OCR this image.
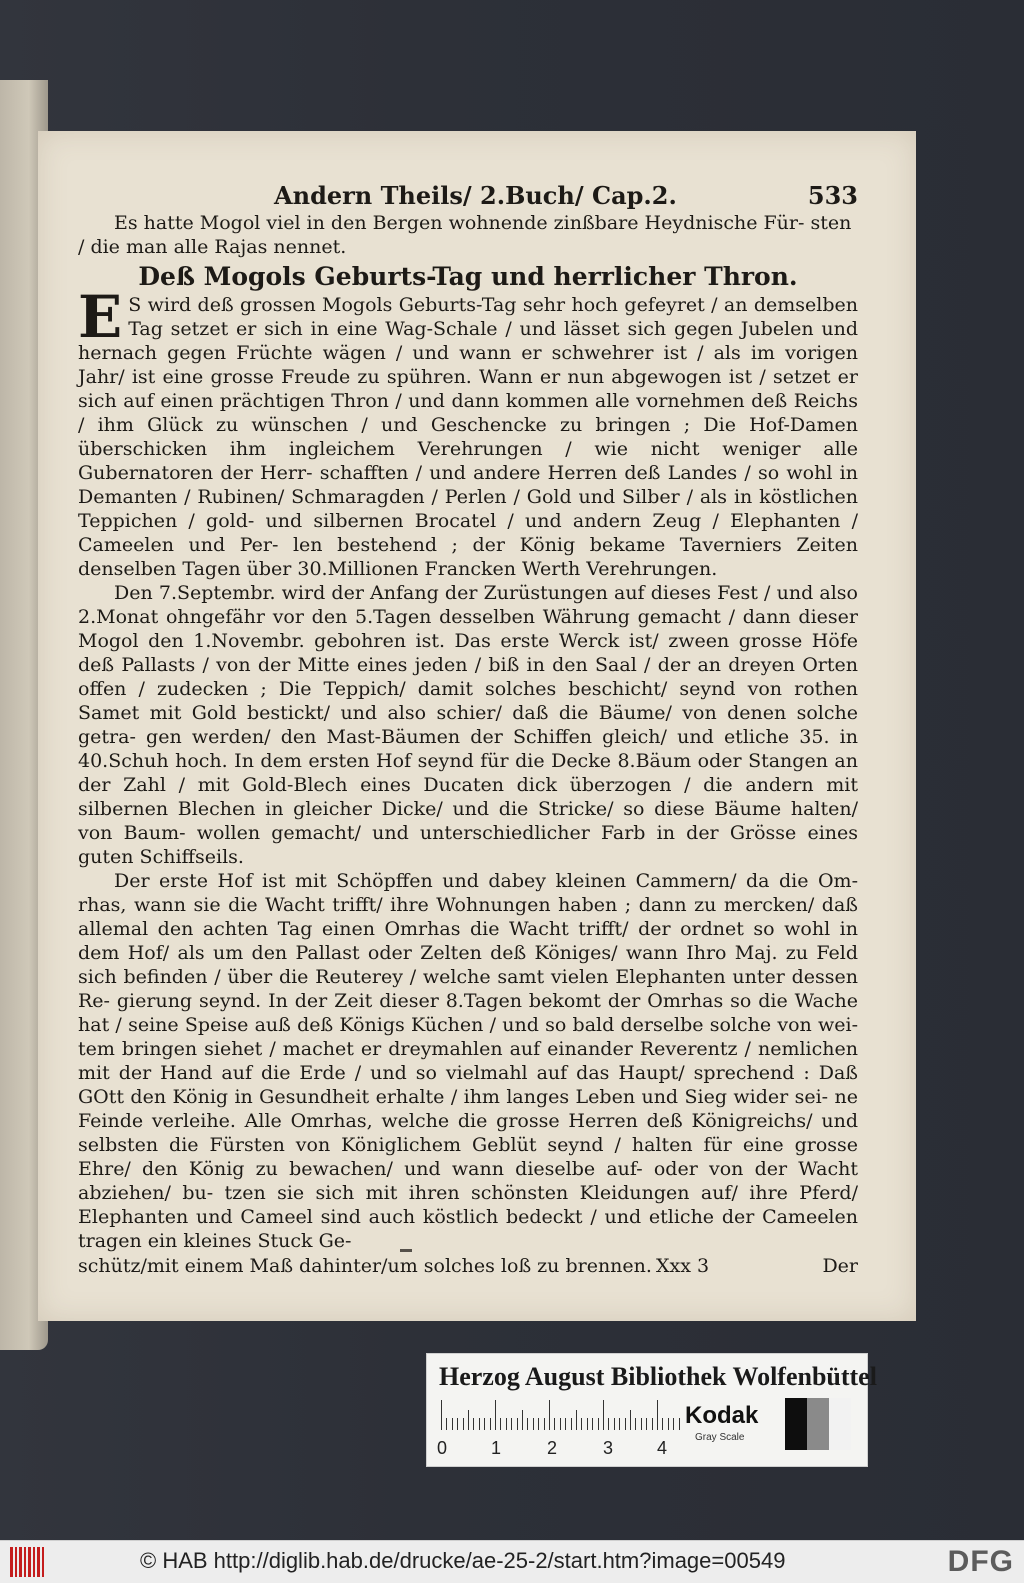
Andern Theils/ 2.Buch/ Cap.2.	533

Es hatte Mogol viel in den Bergen wohnende zinßbare Heydnische Für- sten / die man alle Rajas nennet.

Deß Mogols Geburts-Tag und herrlicher Thron.

E S wird deß grossen Mogols Geburts-Tag sehr hoch gefeyret / an demselben Tag setzet er sich in eine Wag-Schale / und lässet sich gegen Jubelen und hernach gegen Früchte wägen / und wann er schwehrer ist / als im vorigen Jahr/ ist eine grosse Freude zu spühren. Wann er nun abgewogen ist / setzet er sich auf einen prächtigen Thron / und dann kommen alle vornehmen deß Reichs / ihm Glück zu wünschen / und Geschencke zu bringen ; Die Hof-Damen überschicken ihm ingleichem Verehrungen / wie nicht weniger alle Gubernatoren der Herr- schafften / und andere Herren deß Landes / so wohl in Demanten / Rubinen/ Schmaragden / Perlen / Gold und Silber / als in köstlichen Teppichen / gold- und silbernen Brocatel / und andern Zeug / Elephanten / Cameelen und Per- len bestehend ; der König bekame Taverniers Zeiten denselben Tagen über 30.Millionen Francken Werth Verehrungen.

Den 7.Septembr. wird der Anfang der Zurüstungen auf dieses Fest / und also 2.Monat ohngefähr vor den 5.Tagen desselben Währung gemacht / dann dieser Mogol den 1.Novembr. gebohren ist. Das erste Werck ist/ zween grosse Höfe deß Pallasts / von der Mitte eines jeden / biß in den Saal / der an dreyen Orten offen / zudecken ; Die Teppich/ damit solches beschicht/ seynd von rothen Samet mit Gold bestickt/ und also schier/ daß die Bäume/ von denen solche getra- gen werden/ den Mast-Bäumen der Schiffen gleich/ und etliche 35. in 40.Schuh hoch. In dem ersten Hof seynd für die Decke 8.Bäum oder Stangen an der Zahl / mit Gold-Blech eines Ducaten dick überzogen / die andern mit silbernen Blechen in gleicher Dicke/ und die Stricke/ so diese Bäume halten/ von Baum- wollen gemacht/ und unterschiedlicher Farb in der Grösse eines guten Schiffseils.

Der erste Hof ist mit Schöpffen und dabey kleinen Cammern/ da die Om- rhas, wann sie die Wacht trifft/ ihre Wohnungen haben ; dann zu mercken/ daß allemal den achten Tag einen Omrhas die Wacht trifft/ der ordnet so wohl in dem Hof/ als um den Pallast oder Zelten deß Königes/ wann Ihro Maj. zu Feld sich befinden / über die Reuterey / welche samt vielen Elephanten unter dessen Re- gierung seynd. In der Zeit dieser 8.Tagen bekomt der Omrhas so die Wache hat / seine Speise auß deß Königs Küchen / und so bald derselbe solche von wei- tem bringen siehet / machet er dreymahlen auf einander Reverentz / nemlichen mit der Hand auf die Erde / und so vielmahl auf das Haupt/ sprechend : Daß GOtt den König in Gesundheit erhalte / ihm langes Leben und Sieg wider sei- ne Feinde verleihe. Alle Omrhas, welche die grosse Herren deß Königreichs/ und selbsten die Fürsten von Königlichem Geblüt seynd / halten für eine grosse Ehre/ den König zu bewachen/ und wann dieselbe auf- oder von der Wacht abziehen/ bu- tzen sie sich mit ihren schönsten Kleidungen auf/ ihre Pferd/ Elephanten und Cameel sind auch köstlich bedeckt / und etliche der Cameelen tragen ein kleines Stuck Ge-

schütz/mit einem Maß dahinter/um solches loß zu brennen. Xxx 3	Der
Herzog August Bibliothek Wolfenbüttel
0 1	2	3 4
Kodak
Gray Scale
© HAB http://diglib.hab.de/drucke/ae-25-2/start.htm?image=00549	DFG
